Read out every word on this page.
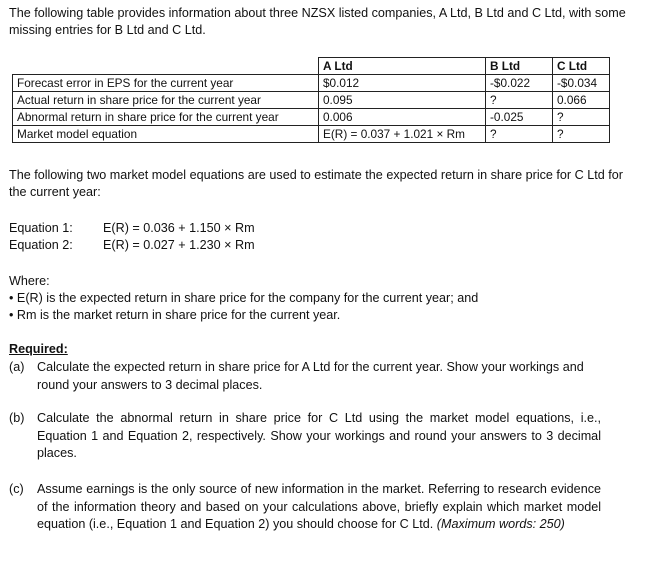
The following table provides information about three NZSX listed companies, A Ltd, B Ltd and C Ltd, with some missing entries for B Ltd and C Ltd.
	A Ltd	B Ltd	C Ltd
Forecast error in EPS for the current year	$0.012	-$0.022	-$0.034
Actual return in share price for the current year	0.095	?	0.066
Abnormal return in share price for the current year	0.006	-0.025	?
Market model equation	E(R) = 0.037 + 1.021 × Rm	?	?
The following two market model equations are used to estimate the expected return in share price for C Ltd for the current year:
Equation 1: E(R) = 0.036 + 1.150 × Rm
Equation 2: E(R) = 0.027 + 1.230 × Rm
Where:
• E(R) is the expected return in share price for the company for the current year; and
• Rm is the market return in share price for the current year.
Required:
(a) Calculate the expected return in share price for A Ltd for the current year. Show your workings and round your answers to 3 decimal places.
(b) Calculate the abnormal return in share price for C Ltd using the market model equations, i.e., Equation 1 and Equation 2, respectively. Show your workings and round your answers to 3 decimal places.
(c) Assume earnings is the only source of new information in the market. Referring to research evidence of the information theory and based on your calculations above, briefly explain which market model equation (i.e., Equation 1 and Equation 2) you should choose for C Ltd. (Maximum words: 250)
